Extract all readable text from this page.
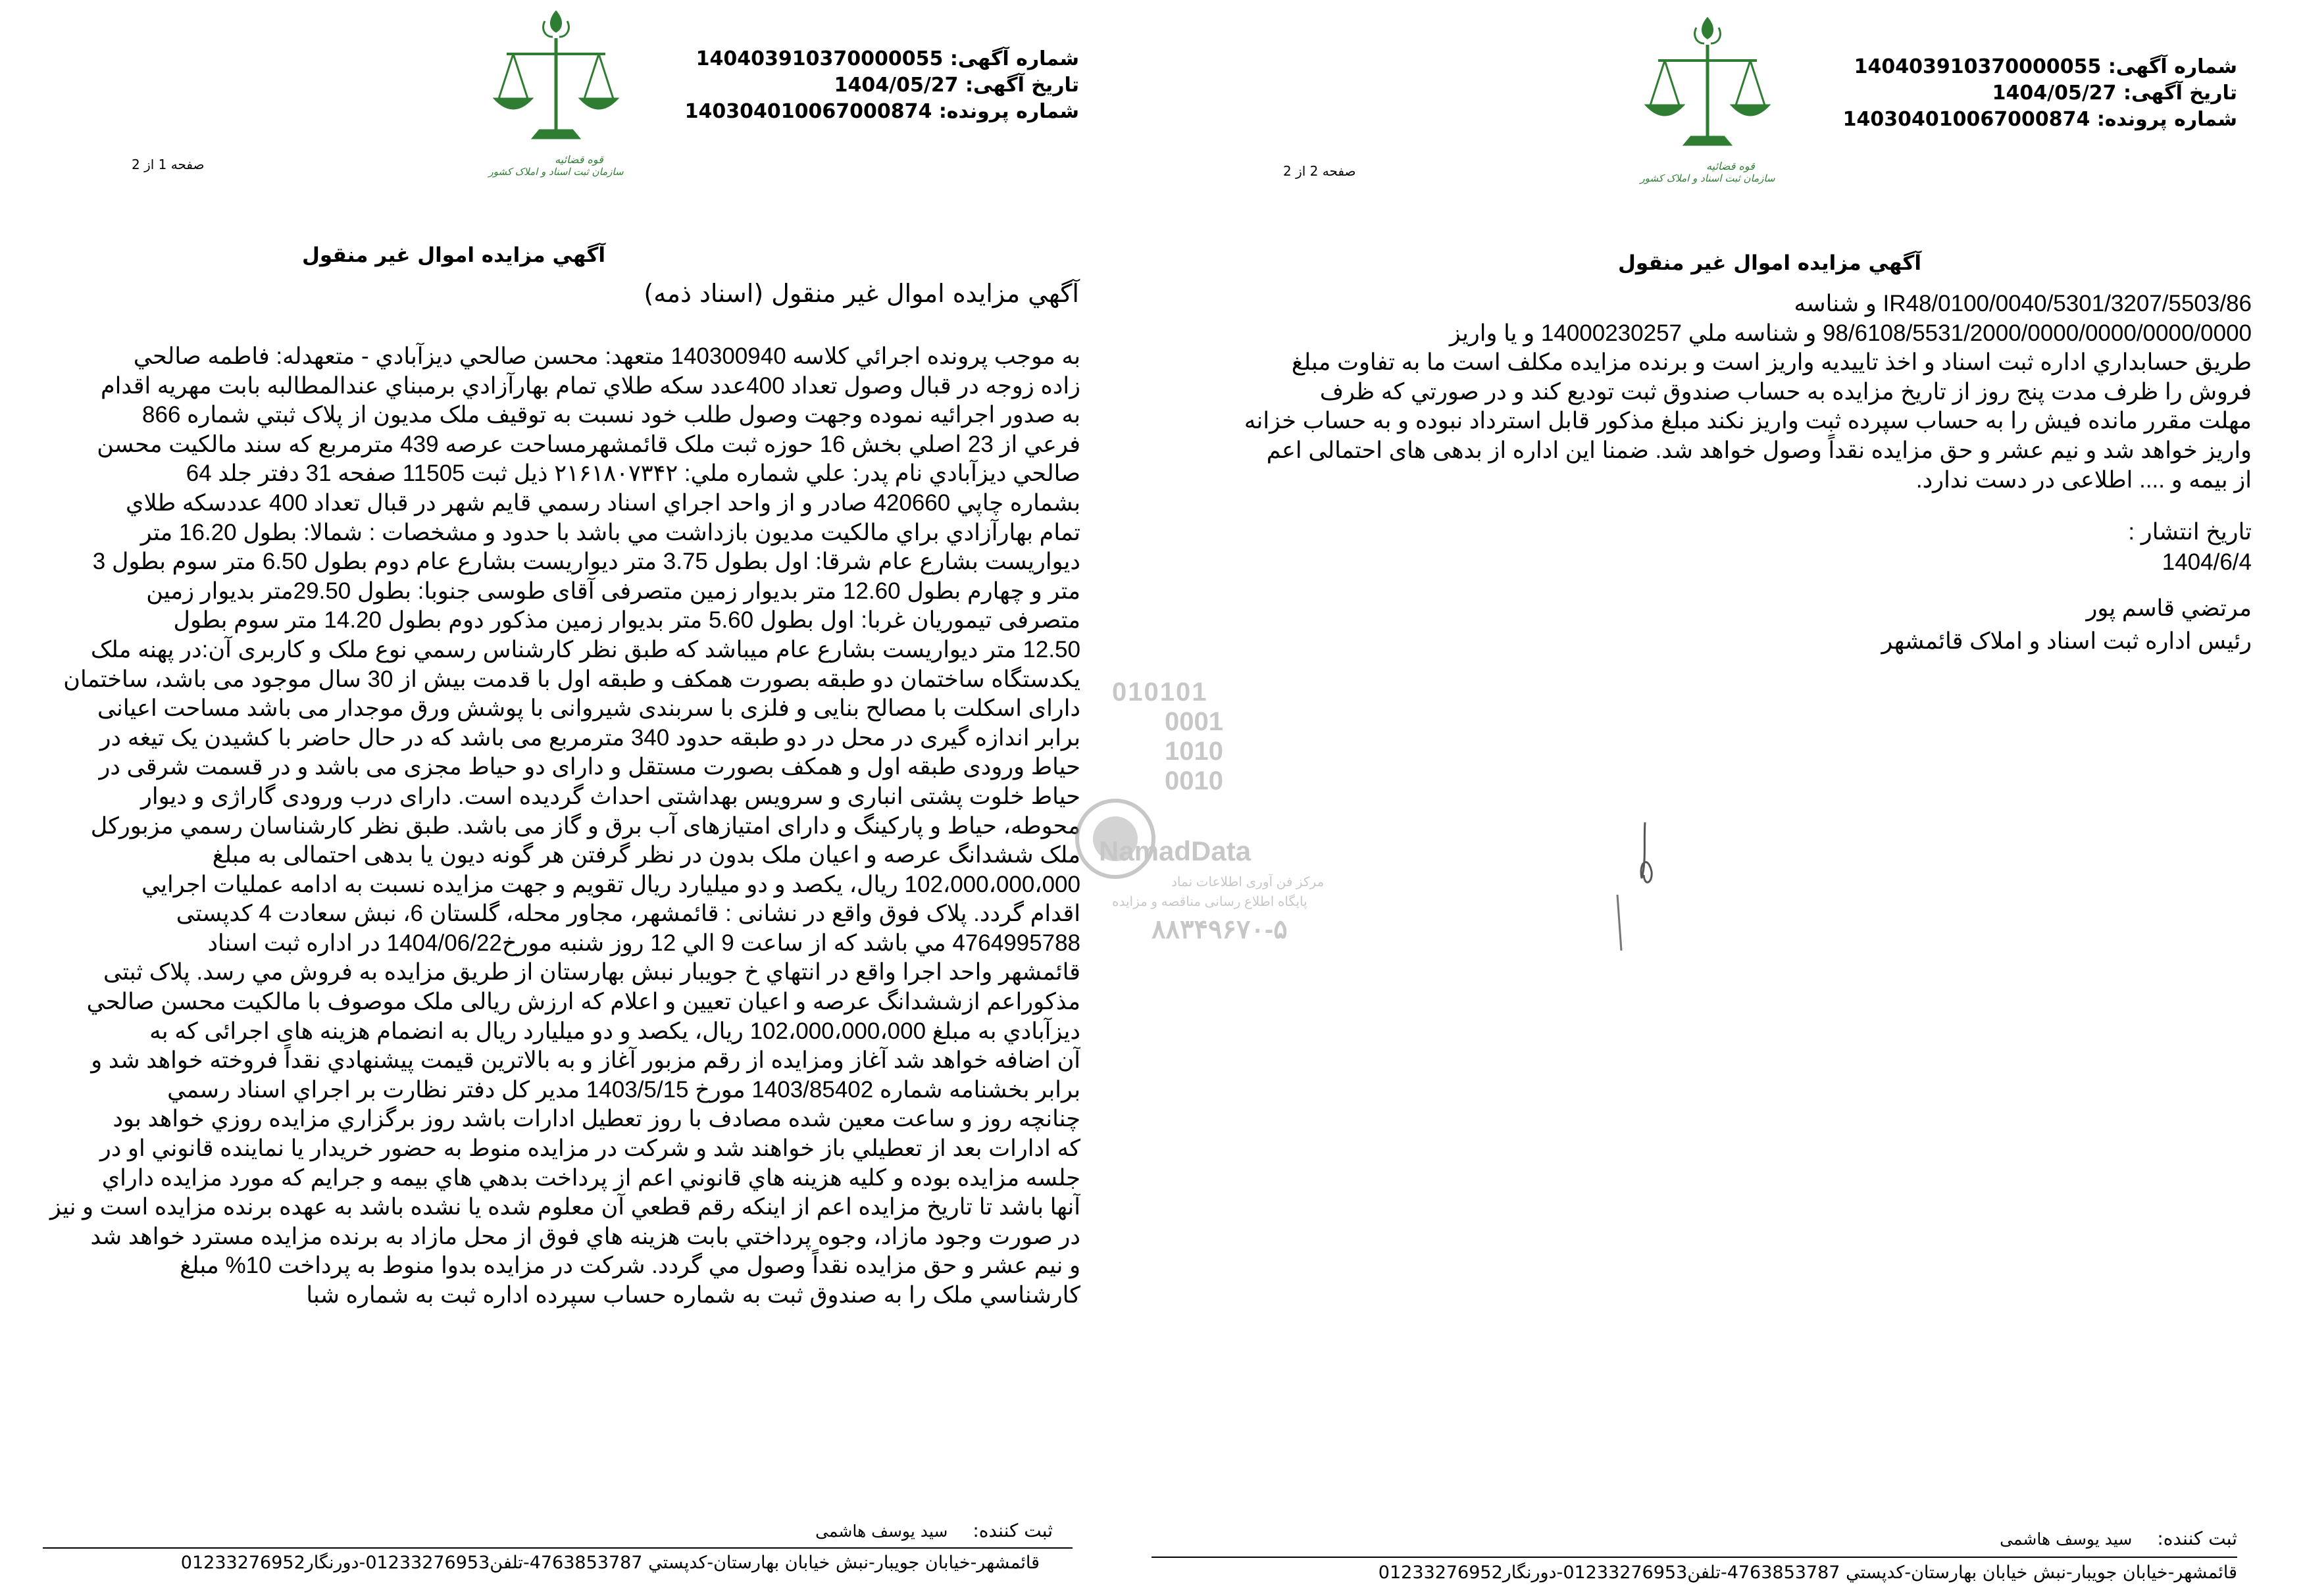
قوه قضائیه
سازمان ثبت اسناد و املاک کشور
شماره آگهی: 140403910370000055
تاریخ آگهی: 1404/05/27
شماره پرونده: 140304010067000874
صفحه 1 از 2
آگهي مزايده اموال غير منقول
آگهي مزايده اموال غير منقول (اسناد ذمه)
به موجب پرونده اجرائي كلاسه 140300940 متعهد: محسن صالحي ديزآبادي - متعهدله: فاطمه صالحي
زاده زوجه در قبال وصول تعداد 400عدد سكه طلاي تمام بهارآزادي برمبناي عندالمطالبه بابت مهريه اقدام
به صدور اجرائيه نموده وجهت وصول طلب خود نسبت به توقيف ملک مديون از پلاک ثبتي شماره 866
فرعي از 23 اصلي بخش 16 حوزه ثبت ملک قائمشهرمساحت عرصه 439 مترمربع که سند مالكيت محسن
صالحي ديزآبادي نام پدر: علي شماره ملي: ۲۱۶۱۸۰۷۳۴۲ ذيل ثبت 11505 صفحه 31 دفتر جلد 64
بشماره چاپي 420660 صادر و از واحد اجراي اسناد رسمي قايم شهر در قبال تعداد 400 عددسکه طلاي
تمام بهارآزادي براي مالکيت مديون بازداشت مي باشد با حدود و مشخصات : شمالا: بطول 16.20 متر
ديواريست بشارع عام شرقا: اول بطول 3.75 متر ديواريست بشارع عام دوم بطول 6.50 متر سوم بطول 3
متر و چهارم بطول 12.60 متر بديوار زمين متصرفی آقای طوسی جنوبا: بطول 29.50متر بديوار زمين
متصرفی تيموريان غربا: اول بطول 5.60 متر بديوار زمين مذکور دوم بطول 14.20 متر سوم بطول
12.50 متر ديواريست بشارع عام ميباشد که طبق نظر کارشناس رسمي نوع ملک و کاربری آن:در پهنه ملک
يکدستگاه ساختمان دو طبقه بصورت همکف و طبقه اول با قدمت بيش از 30 سال موجود می باشد، ساختمان
دارای اسکلت با مصالح بنايی و فلزی با سربندی شيروانی با پوشش ورق موجدار می باشد مساحت اعيانی
برابر اندازه گيری در محل در دو طبقه حدود 340 مترمربع می باشد که در حال حاضر با کشيدن يک تيغه در
حياط ورودی طبقه اول و همکف بصورت مستقل و دارای دو حياط مجزی می باشد و در قسمت شرقی در
حياط خلوت پشتی انباری و سرويس بهداشتی احداث گرديده است. دارای درب ورودی گاراژی و ديوار
محوطه، حياط و پارکينگ و دارای امتيازهای آب برق و گاز می باشد. طبق نظر کارشناسان رسمي مزبورکل
ملک ششدانگ عرصه و اعيان ملک بدون در نظر گرفتن هر گونه ديون يا بدهی احتمالی به مبلغ
102،000،000،000 ريال، يکصد و دو ميليارد ريال تقويم و جهت مزايده نسبت به ادامه عمليات اجرايي
اقدام گردد. پلاک فوق واقع در نشانی : قائمشهر، مجاور محله، گلستان 6، نبش سعادت 4 کدپستی
4764995788 مي باشد که از ساعت 9 الي 12 روز شنبه مورخ1404/06/22 در اداره ثبت اسناد
قائمشهر واحد اجرا واقع در انتهاي خ جويبار نبش بهارستان از طريق مزايده به فروش مي رسد. پلاک ثبتی
مذکوراعم ازششدانگ عرصه و اعيان تعيين و اعلام که ارزش ريالی ملک موصوف با مالكيت محسن صالحي
ديزآبادي به مبلغ 102،000،000،000 ريال، يکصد و دو ميليارد ريال به انضمام هزينه های اجرائی که به
آن اضافه خواهد شد آغاز ومزايده از رقم مزبور آغاز و به بالاترين قيمت پيشنهادي نقداً فروخته خواهد شد و
برابر بخشنامه شماره 1403/85402 مورخ 1403/5/15 مدير کل دفتر نظارت بر اجراي اسناد رسمي
چنانچه روز و ساعت معين شده مصادف با روز تعطيل ادارات باشد روز برگزاري مزايده روزي خواهد بود
که ادارات بعد از تعطيلي باز خواهند شد و شرکت در مزايده منوط به حضور خريدار يا نماينده قانوني او در
جلسه مزايده بوده و كليه هزينه هاي قانوني اعم از پرداخت بدهي هاي بيمه و جرايم که مورد مزايده داراي
آنها باشد تا تاريخ مزايده اعم از اينکه رقم قطعي آن معلوم شده يا نشده باشد به عهده برنده مزايده است و نيز
در صورت وجود مازاد، وجوه پرداختي بابت هزينه هاي فوق از محل مازاد به برنده مزايده مسترد خواهد شد
و نيم عشر و حق مزايده نقداً وصول مي گردد. شرکت در مزايده بدوا منوط به پرداخت 10% مبلغ
کارشناسي ملک را به صندوق ثبت به شماره حساب سپرده اداره ثبت به شماره شبا
ثبت کننده: سید یوسف هاشمی
قائمشهر-خيابان جويبار-نبش خيابان بهارستان-كدپستي 4763853787-تلفن01233276953-دورنگار01233276952
قوه قضائیه
سازمان ثبت اسناد و املاک کشور
شماره آگهی: 140403910370000055
تاریخ آگهی: 1404/05/27
شماره پرونده: 140304010067000874
صفحه 2 از 2
آگهي مزايده اموال غير منقول
IR48/0100/0040/5301/3207/5503/86 و شناسه
98/6108/5531/2000/0000/0000/0000/0000 و شناسه ملي 14000230257 و يا واريز
طريق حسابداري اداره ثبت اسناد و اخذ تاييديه واريز است و برنده مزايده مكلف است ما به تفاوت مبلغ
فروش را ظرف مدت پنج روز از تاريخ مزايده به حساب صندوق ثبت توديع كند و در صورتي كه ظرف
مهلت مقرر مانده فيش را به حساب سپرده ثبت واريز نكند مبلغ مذكور قابل استرداد نبوده و به حساب خزانه
واريز خواهد شد و نيم عشر و حق مزايده نقداً وصول خواهد شد. ضمنا اين اداره از بدهی های احتمالی اعم
از بيمه و .... اطلاعی در دست ندارد.
تاريخ انتشار :
1404/6/4
مرتضي قاسم پور
رئيس اداره ثبت اسناد و املاک قائمشهر
ثبت کننده: سید یوسف هاشمی
قائمشهر-خيابان جويبار-نبش خيابان بهارستان-كدپستي 4763853787-تلفن01233276953-دورنگار01233276952
010101
0001
1010
0010
NamadData
مرکز فن آوری اطلاعات نماد
پایگاه اطلاع رسانی مناقصه و مزایده
۸۸۳۴۹۶۷۰-۵
